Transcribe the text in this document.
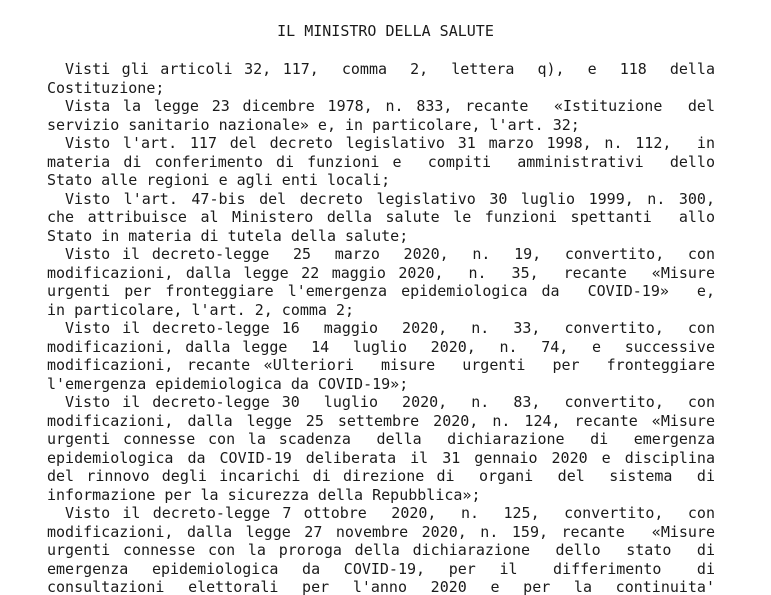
IL MINISTRO DELLA SALUTE
Visti gli articoli 32, 117,  comma  2,  lettera  q),  e  118  della
Costituzione;
Vista la legge 23 dicembre 1978, n. 833, recante  «Istituzione  del
servizio sanitario nazionale» e, in particolare, l'art. 32;
Visto l'art. 117 del decreto legislativo 31 marzo 1998, n. 112,  in
materia di conferimento di funzioni e  compiti  amministrativi  dello
Stato alle regioni e agli enti locali;
Visto l'art. 47-bis del decreto legislativo 30 luglio 1999, n. 300,
che attribuisce al Ministero della salute le funzioni spettanti  allo
Stato in materia di tutela della salute;
Visto il decreto-legge  25  marzo  2020,  n.  19,  convertito,  con
modificazioni, dalla legge 22 maggio 2020,  n.  35,  recante  «Misure
urgenti per fronteggiare l'emergenza epidemiologica da  COVID-19»  e,
in particolare, l'art. 2, comma 2;
Visto il decreto-legge 16  maggio  2020,  n.  33,  convertito,  con
modificazioni, dalla legge  14  luglio  2020,  n.  74,  e  successive
modificazioni, recante «Ulteriori  misure  urgenti  per  fronteggiare
l'emergenza epidemiologica da COVID-19»;
Visto il decreto-legge 30  luglio  2020,  n.  83,  convertito,  con
modificazioni, dalla legge 25 settembre 2020, n. 124, recante «Misure
urgenti connesse con la scadenza  della  dichiarazione  di  emergenza
epidemiologica da COVID-19 deliberata il 31 gennaio 2020 e disciplina
del rinnovo degli incarichi di direzione di  organi  del  sistema  di
informazione per la sicurezza della Repubblica»;
Visto il decreto-legge 7 ottobre  2020,  n.  125,  convertito,  con
modificazioni, dalla legge 27 novembre 2020, n. 159, recante  «Misure
urgenti connesse con la proroga della dichiarazione  dello  stato  di
emergenza  epidemiologica  da  COVID-19,  per  il   differimento   di
consultazioni  elettorali  per  l'anno  2020  e  per  la  continuita'
